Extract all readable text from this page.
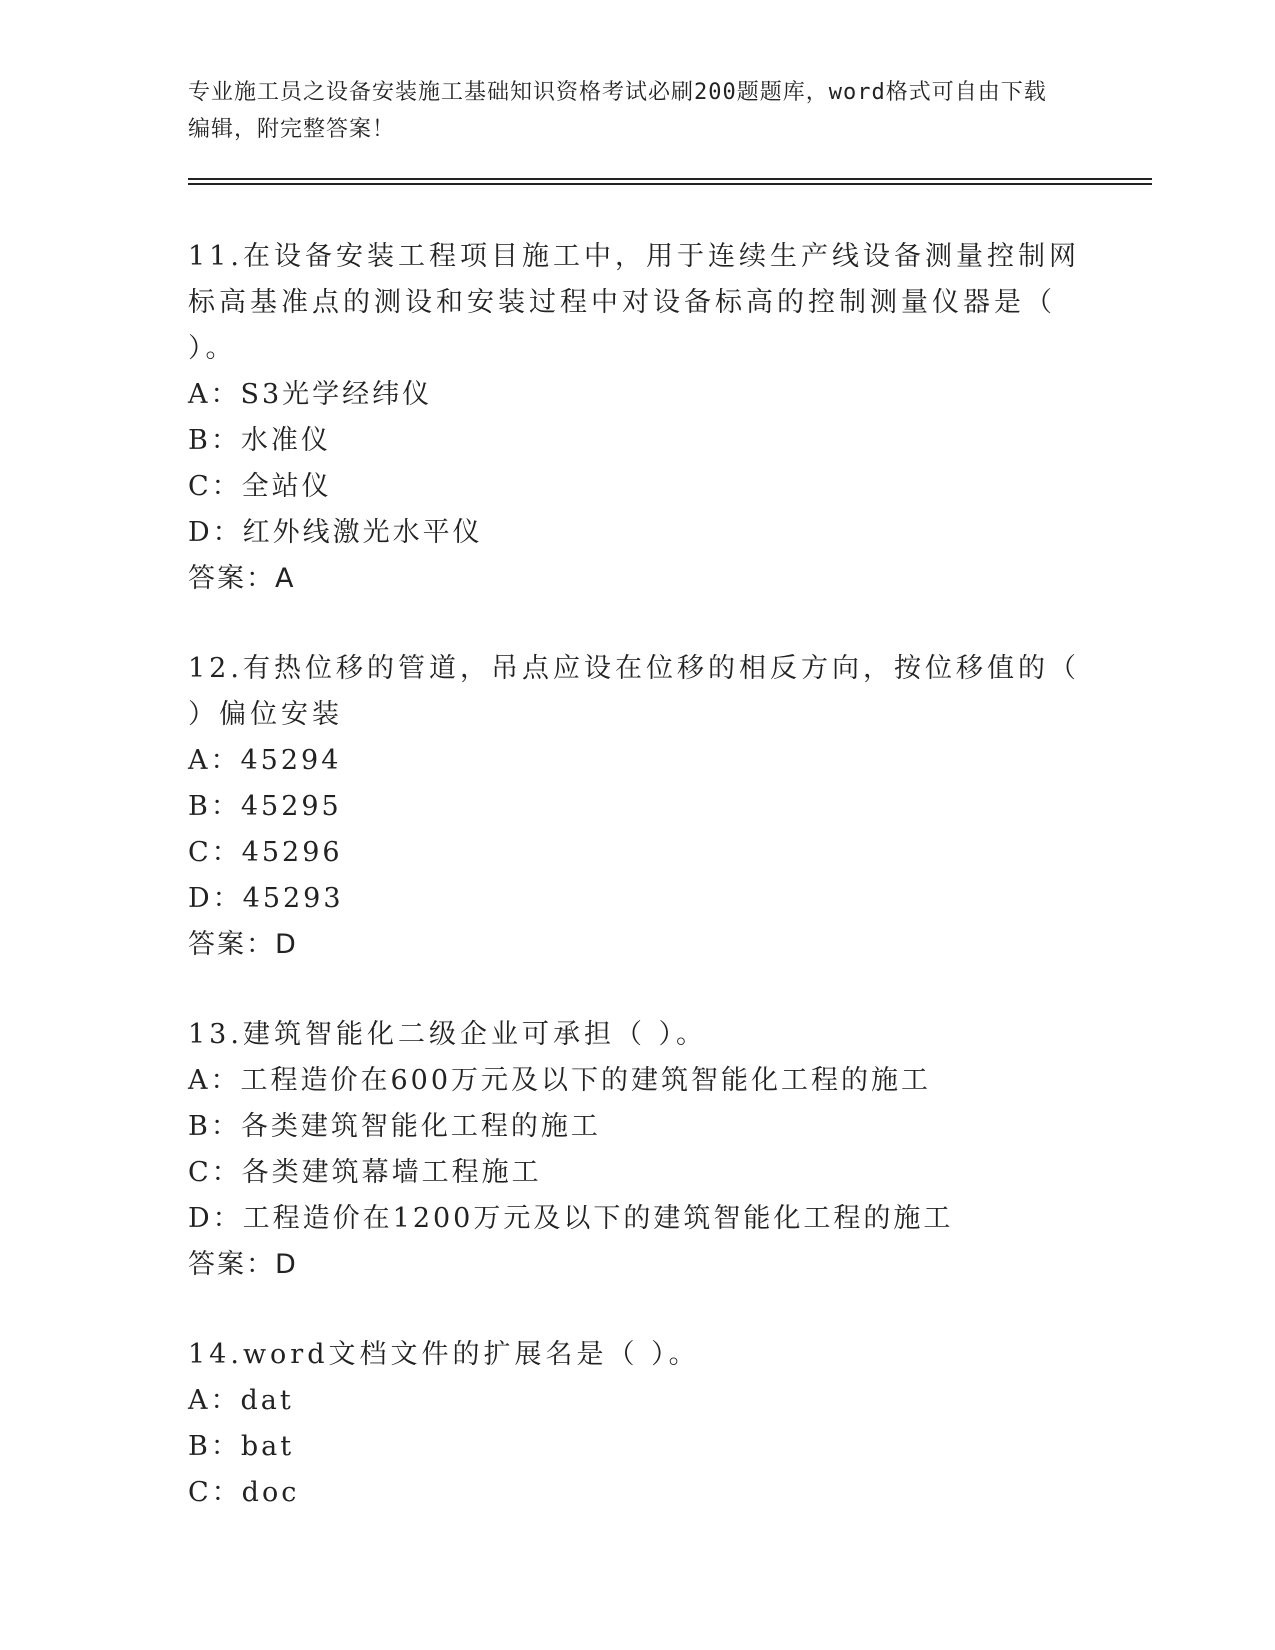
专业施工员之设备安装施工基础知识资格考试必刷200题题库，word格式可自由下载编辑，附完整答案！
11.在设备安装工程项目施工中，用于连续生产线设备测量控制网标高基准点的测设和安装过程中对设备标高的控制测量仪器是（ ）。
A：S3光学经纬仪
B：水准仪
C：全站仪
D：红外线激光水平仪
答案：A
12.有热位移的管道，吊点应设在位移的相反方向，按位移值的（ ）偏位安装
A：45294
B：45295
C：45296
D：45293
答案：D
13.建筑智能化二级企业可承担（ ）。
A：工程造价在600万元及以下的建筑智能化工程的施工
B：各类建筑智能化工程的施工
C：各类建筑幕墙工程施工
D：工程造价在1200万元及以下的建筑智能化工程的施工
答案：D
14.word文档文件的扩展名是（ ）。
A：dat
B：bat
C：doc
